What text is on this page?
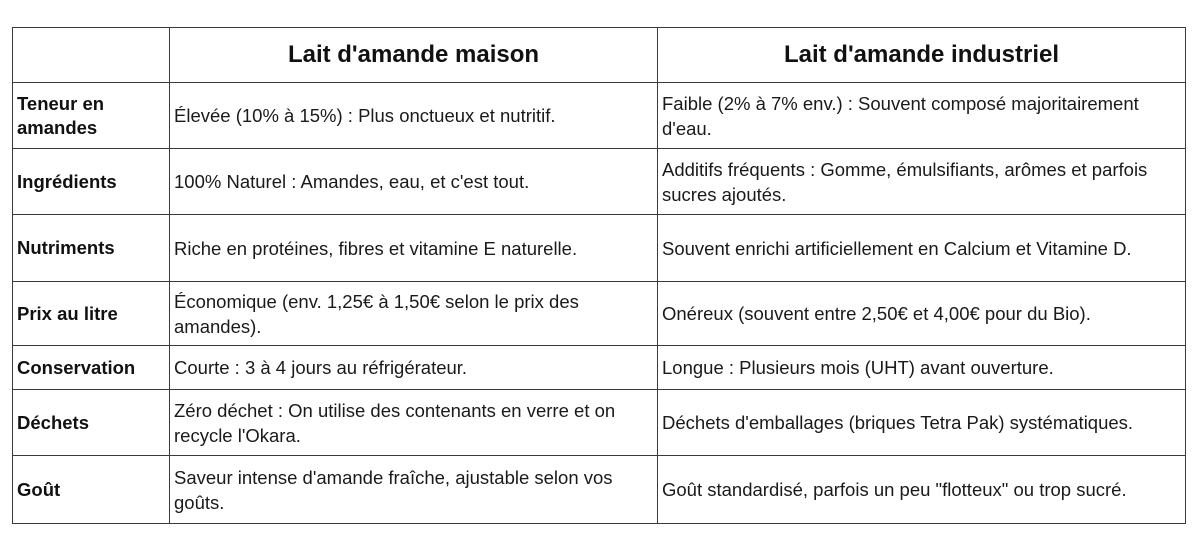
	Lait d'amande maison	Lait d'amande industriel
Teneur en amandes	Élevée (10% à 15%) : Plus onctueux et nutritif.	Faible (2% à 7% env.) : Souvent composé majoritairement d'eau.
Ingrédients	100% Naturel : Amandes, eau, et c'est tout.	Additifs fréquents : Gomme, émulsifiants, arômes et parfois sucres ajoutés.
Nutriments	Riche en protéines, fibres et vitamine E naturelle.	Souvent enrichi artificiellement en Calcium et Vitamine D.
Prix au litre	Économique (env. 1,25€ à 1,50€ selon le prix des amandes).	Onéreux (souvent entre 2,50€ et 4,00€ pour du Bio).
Conservation	Courte : 3 à 4 jours au réfrigérateur.	Longue : Plusieurs mois (UHT) avant ouverture.
Déchets	Zéro déchet : On utilise des contenants en verre et on recycle l'Okara.	Déchets d'emballages (briques Tetra Pak) systématiques.
Goût	Saveur intense d'amande fraîche, ajustable selon vos goûts.	Goût standardisé, parfois un peu "flotteux" ou trop sucré.
